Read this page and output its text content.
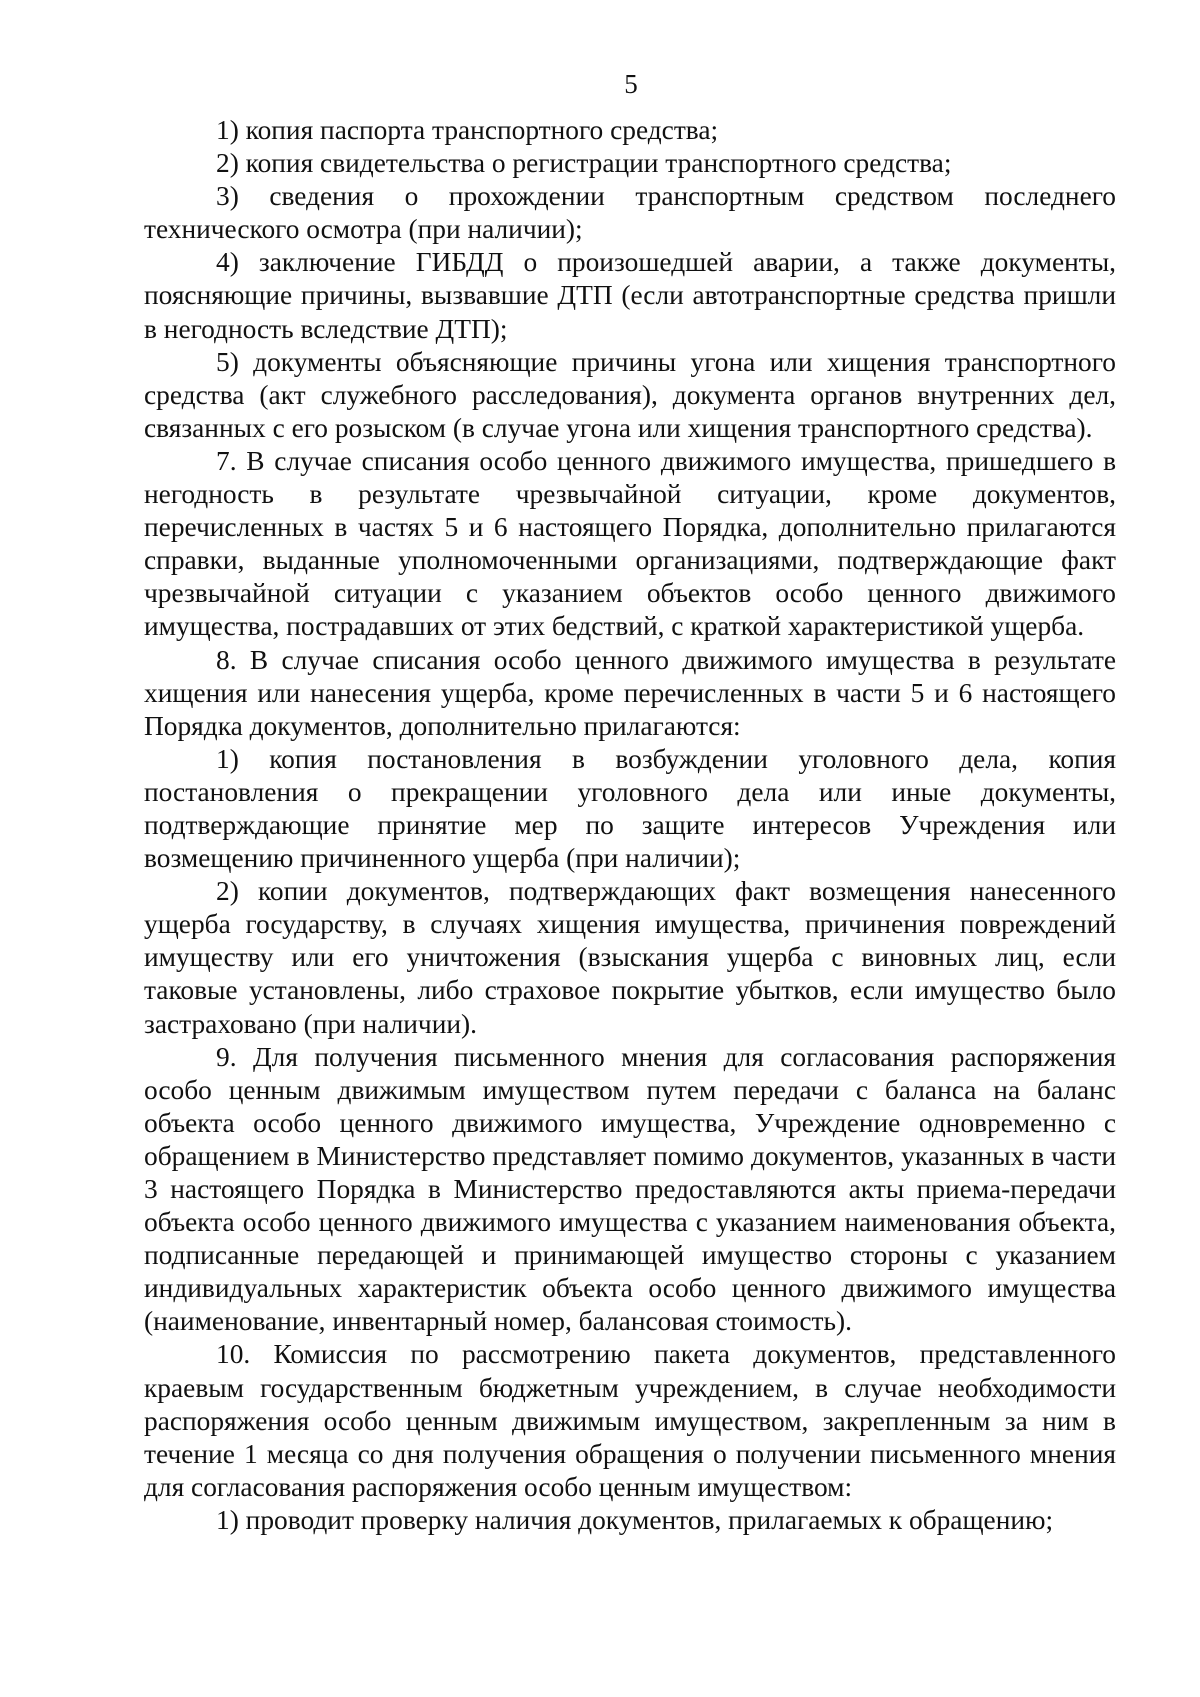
5

1) копия паспорта транспортного средства;

2) копия свидетельства о регистрации транспортного средства;

3) сведения о прохождении транспортным средством последнего технического осмотра (при наличии);

4) заключение ГИБДД о произошедшей аварии, а также документы, поясняющие причины, вызвавшие ДТП (если автотранспортные средства пришли в негодность вследствие ДТП);

5) документы объясняющие причины угона или хищения транспортного средства (акт служебного расследования), документа органов внутренних дел, связанных с его розыском (в случае угона или хищения транспортного средства).

7. В случае списания особо ценного движимого имущества, пришедшего в негодность в результате чрезвычайной ситуации, кроме документов, перечисленных в частях 5 и 6 настоящего Порядка, дополнительно прилагаются справки, выданные уполномоченными организациями, подтверждающие факт чрезвычайной ситуации с указанием объектов особо ценного движимого имущества, пострадавших от этих бедствий, с краткой характеристикой ущерба.

8. В случае списания особо ценного движимого имущества в результате хищения или нанесения ущерба, кроме перечисленных в части 5 и 6 настоящего Порядка документов, дополнительно прилагаются:

1) копия постановления в возбуждении уголовного дела, копия постановления о прекращении уголовного дела или иные документы, подтверждающие принятие мер по защите интересов Учреждения или возмещению причиненного ущерба (при наличии);

2) копии документов, подтверждающих факт возмещения нанесенного ущерба государству, в случаях хищения имущества, причинения повреждений имуществу или его уничтожения (взыскания ущерба с виновных лиц, если таковые установлены, либо страховое покрытие убытков, если имущество было застраховано (при наличии).

9. Для получения письменного мнения для согласования распоряжения особо ценным движимым имуществом путем передачи с баланса на баланс объекта особо ценного движимого имущества, Учреждение одновременно с обращением в Министерство представляет помимо документов, указанных в части 3 настоящего Порядка в Министерство предоставляются акты приема-передачи объекта особо ценного движимого имущества с указанием наименования объекта, подписанные передающей и принимающей имущество стороны с указанием индивидуальных характеристик объекта особо ценного движимого имущества (наименование, инвентарный номер, балансовая стоимость).

10. Комиссия по рассмотрению пакета документов, представленного краевым государственным бюджетным учреждением, в случае необходимости распоряжения особо ценным движимым имуществом, закрепленным за ним в течение 1 месяца со дня получения обращения о получении письменного мнения для согласования распоряжения особо ценным имуществом:

1) проводит проверку наличия документов, прилагаемых к обращению;
